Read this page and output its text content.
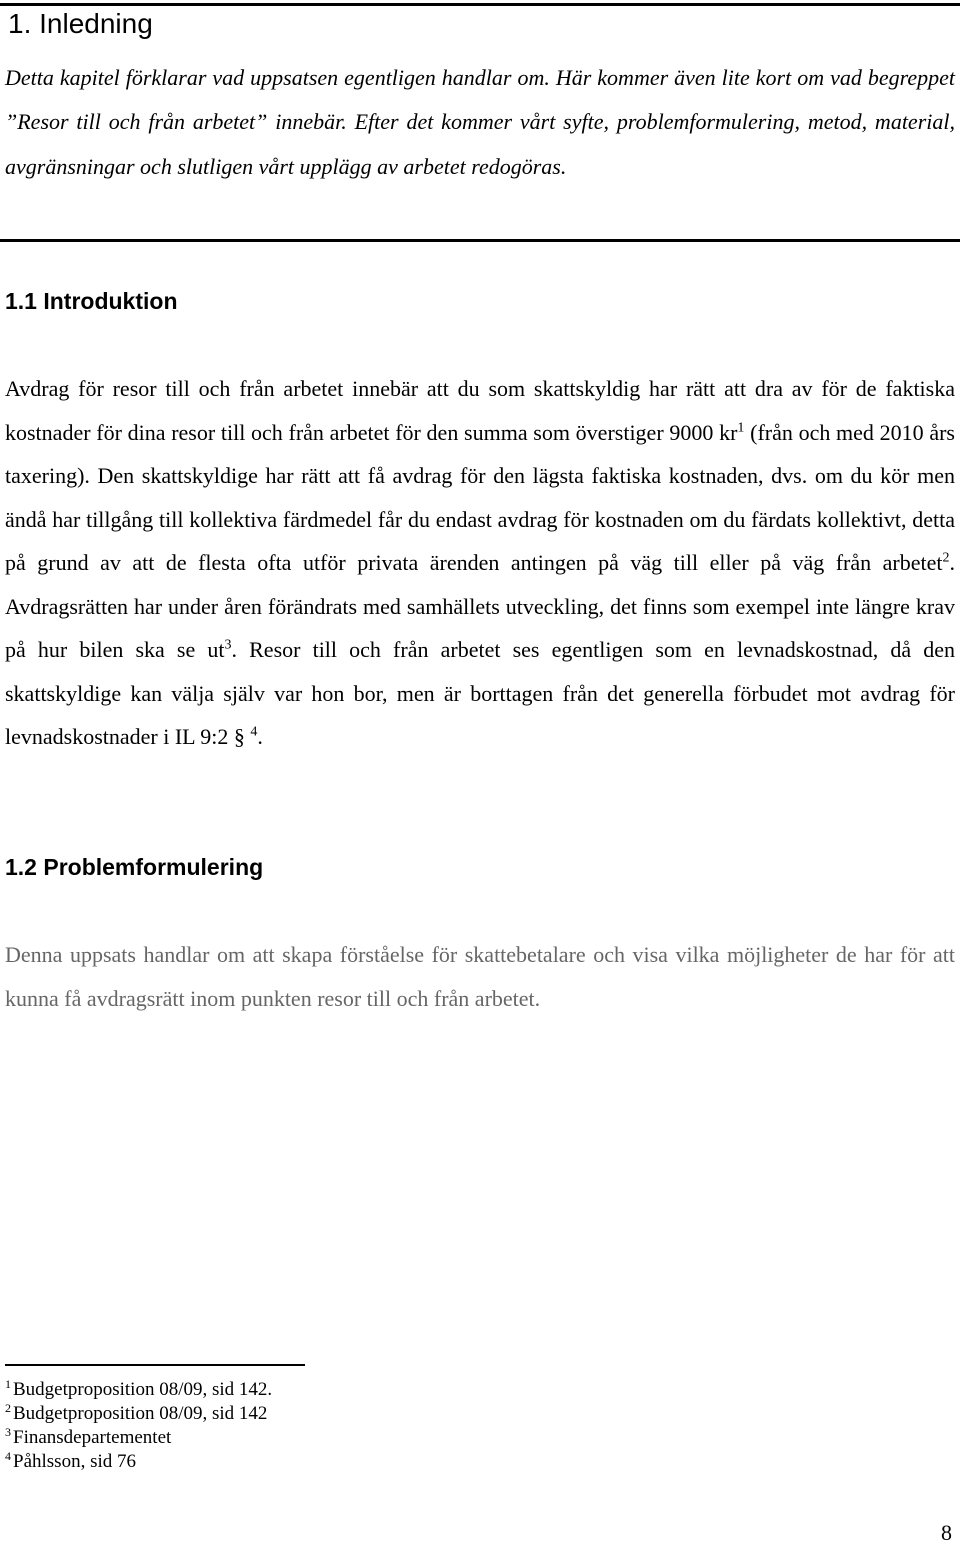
1. Inledning
Detta kapitel förklarar vad uppsatsen egentligen handlar om. Här kommer även lite kort om vad begreppet ”Resor till och från arbetet” innebär. Efter det kommer vårt syfte, problemformulering, metod, material, avgränsningar och slutligen vårt upplägg av arbetet redogöras.
1.1 Introduktion
Avdrag för resor till och från arbetet innebär att du som skattskyldig har rätt att dra av för de faktiska kostnader för dina resor till och från arbetet för den summa som överstiger 9000 $kr^1$ (från och med 2010 års taxering). Den skattskyldige har rätt att få avdrag för den lägsta faktiska kostnaden, dvs. om du kör men ändå har tillgång till kollektiva färdmedel får du endast avdrag för kostnaden om du färdats kollektivt, detta på grund av att de flesta ofta utför privata ärenden antingen på väg till eller på väg från arbetet$^2$. Avdragsrätten har under åren förändrats med samhällets utveckling, det finns som exempel inte längre krav på hur bilen ska se $ut^3$. Resor till och från arbetet ses egentligen som en levnadskostnad, då den skattskyldige kan välja själv var hon bor, men är borttagen från det generella förbudet mot avdrag för levnadskostnader i IL 9:2 § $^4$.
1.2 Problemformulering
Denna uppsats handlar om att skapa förståelse för skattebetalare och visa vilka möjligheter de har för att kunna få avdragsrätt inom punkten resor till och från arbetet.
$^1$ Budgetproposition 08/09, sid 142.
$^2$ Budgetproposition 08/09, sid 142
$^3$ Finansdepartementet
$^4$ Påhlsson, sid 76
8
